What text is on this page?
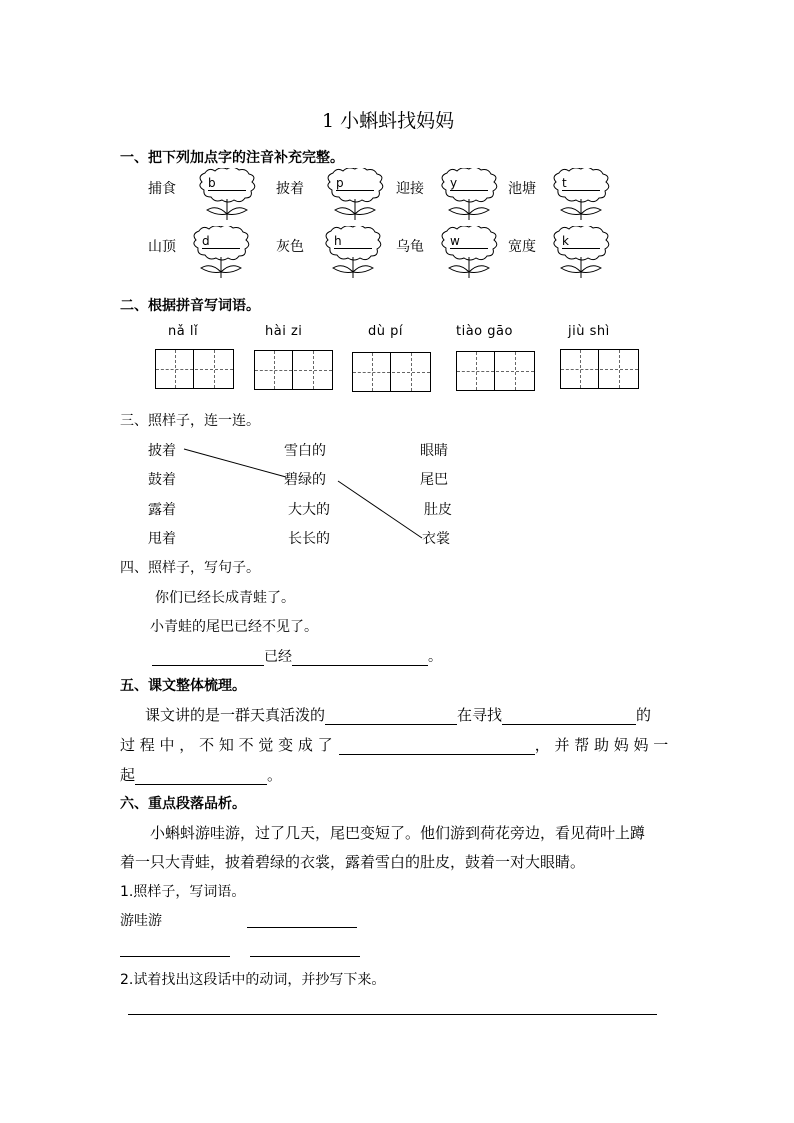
1 小蝌蚪找妈妈
一、把下列加点字的注音补充完整。
捕食	b	披着	p	迎接 y	池塘 t
山顶 d	灰色	h	乌龟 w	宽度 k
二、根据拼音写词语。
nǎ lǐ	hài zi	dù pí	tiào gāo	jiù shì
三、照样子，连一连。
披着
鼓着
露着
甩着
雪白的
碧绿的
大大的
长长的
眼睛
尾巴
肚皮
衣裳
四、照样子，写句子。
你们已经长成青蛙了。
小青蛙的尾巴已经不见了。
已经	。
五、课文整体梳理。
课文讲的是一群天真活泼的	在寻找	的
过 程 中 ， 不 知 不 觉 变 成 了	， 并 帮 助 妈 妈 一
起	。
六、重点段落品析。
小蝌蚪游哇游，过了几天，尾巴变短了。他们游到荷花旁边，看见荷叶上蹲
着一只大青蛙，披着碧绿的衣裳，露着雪白的肚皮，鼓着一对大眼睛。
1.照样子，写词语。
游哇游
2.试着找出这段话中的动词，并抄写下来。
